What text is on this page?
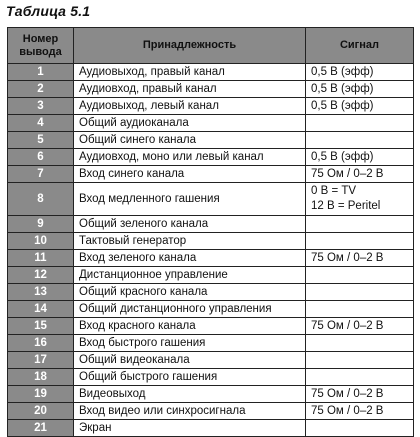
Таблица 5.1
Номер вывода	Принадлежность	Сигнал
1	Аудиовыход, правый канал	0,5 В (эфф)

2	Аудиовход, правый канал	0,5 В (эфф)

3	Аудиовыход, левый канал	0,5 В (эфф)

4	Общий аудиоканала	
5	Общий синего канала	
6	Аудиовход, моно или левый канал	0,5 В (эфф)

7	Вход синего канала	75 Ом / 0–2 В

8	Вход медленного гашения	0 В = TV
12 В = Peritel

9	Общий зеленого канала	
10	Тактовый генератор	
11	Вход зеленого канала	75 Ом / 0–2 В

12	Дистанционное управление	
13	Общий красного канала	
14	Общий дистанционного управления	
15	Вход красного канала	75 Ом / 0–2 В

16	Вход быстрого гашения	
17	Общий видеоканала	
18	Общий быстрого гашения	
19	Видеовыход	75 Ом / 0–2 В

20	Вход видео или синхросигнала	75 Ом / 0–2 В

21	Экран	
